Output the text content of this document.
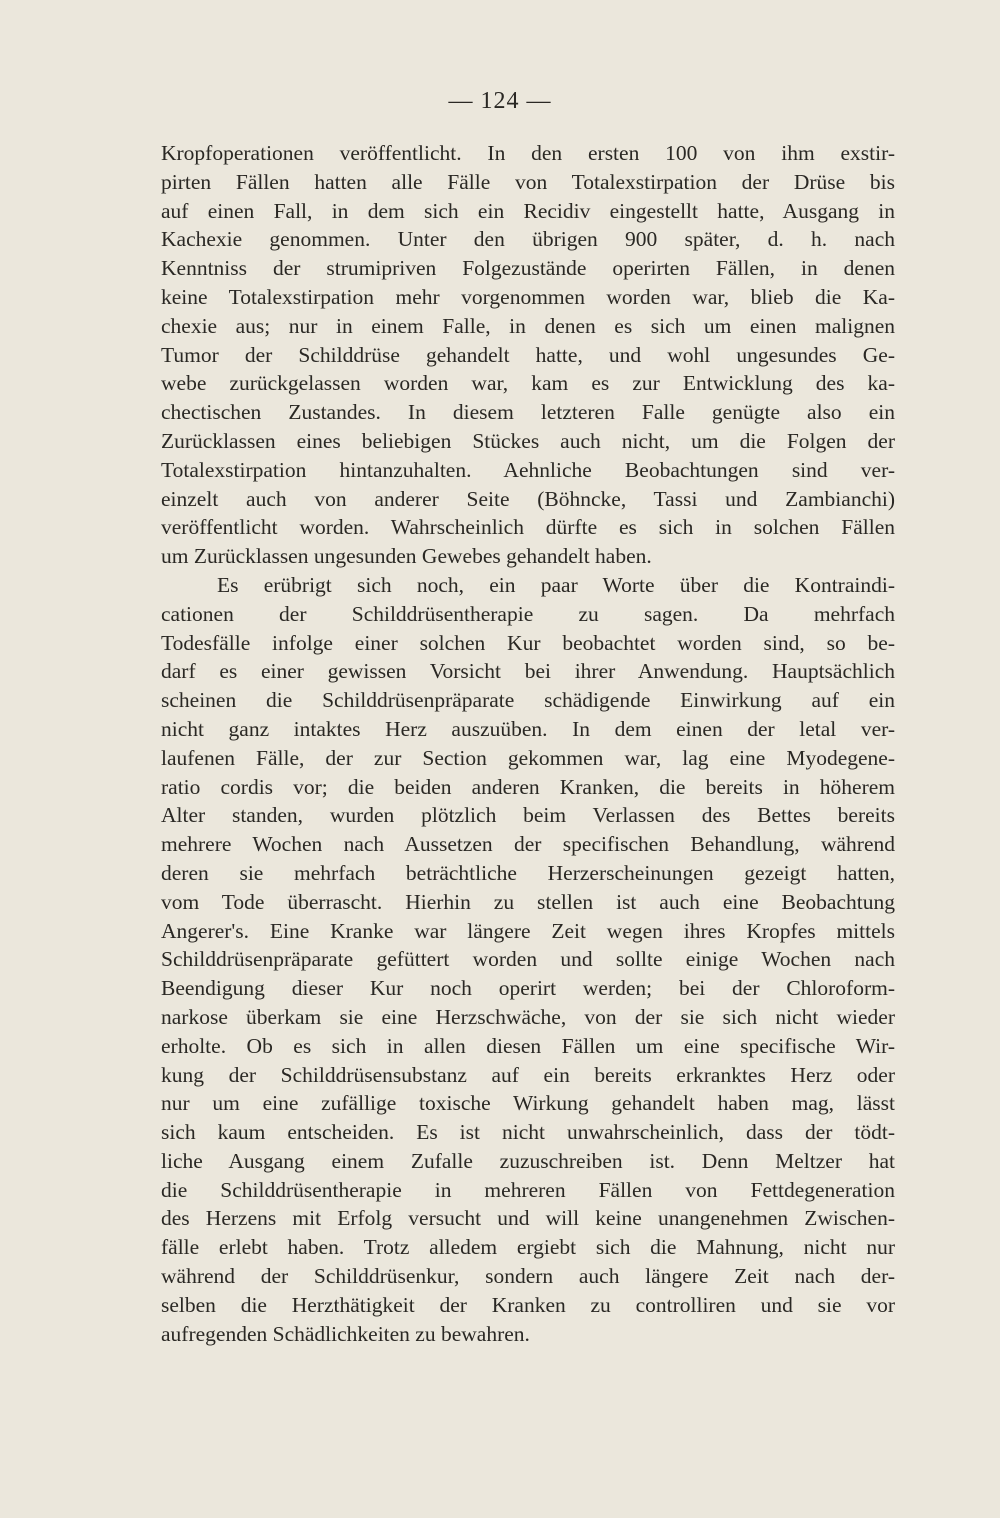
— 124 —
Kropfoperationen veröffentlicht. In den ersten 100 von ihm exstir-
pirten Fällen hatten alle Fälle von Totalexstirpation der Drüse bis
auf einen Fall, in dem sich ein Recidiv eingestellt hatte, Ausgang in
Kachexie genommen. Unter den übrigen 900 später, d. h. nach
Kenntniss der strumipriven Folgezustände operirten Fällen, in denen
keine Totalexstirpation mehr vorgenommen worden war, blieb die Ka-
chexie aus; nur in einem Falle, in denen es sich um einen malignen
Tumor der Schilddrüse gehandelt hatte, und wohl ungesundes Ge-
webe zurückgelassen worden war, kam es zur Entwicklung des ka-
chectischen Zustandes. In diesem letzteren Falle genügte also ein
Zurücklassen eines beliebigen Stückes auch nicht, um die Folgen der
Totalexstirpation hintanzuhalten. Aehnliche Beobachtungen sind ver-
einzelt auch von anderer Seite (Böhncke, Tassi und Zambianchi)
veröffentlicht worden. Wahrscheinlich dürfte es sich in solchen Fällen
um Zurücklassen ungesunden Gewebes gehandelt haben.
Es erübrigt sich noch, ein paar Worte über die Kontraindi-
cationen der Schilddrüsentherapie zu sagen. Da mehrfach
Todesfälle infolge einer solchen Kur beobachtet worden sind, so be-
darf es einer gewissen Vorsicht bei ihrer Anwendung. Hauptsächlich
scheinen die Schilddrüsenpräparate schädigende Einwirkung auf ein
nicht ganz intaktes Herz auszuüben. In dem einen der letal ver-
laufenen Fälle, der zur Section gekommen war, lag eine Myodegene-
ratio cordis vor; die beiden anderen Kranken, die bereits in höherem
Alter standen, wurden plötzlich beim Verlassen des Bettes bereits
mehrere Wochen nach Aussetzen der specifischen Behandlung, während
deren sie mehrfach beträchtliche Herzerscheinungen gezeigt hatten,
vom Tode überrascht. Hierhin zu stellen ist auch eine Beobachtung
Angerer's. Eine Kranke war längere Zeit wegen ihres Kropfes mittels
Schilddrüsenpräparate gefüttert worden und sollte einige Wochen nach
Beendigung dieser Kur noch operirt werden; bei der Chloroform-
narkose überkam sie eine Herzschwäche, von der sie sich nicht wieder
erholte. Ob es sich in allen diesen Fällen um eine specifische Wir-
kung der Schilddrüsensubstanz auf ein bereits erkranktes Herz oder
nur um eine zufällige toxische Wirkung gehandelt haben mag, lässt
sich kaum entscheiden. Es ist nicht unwahrscheinlich, dass der tödt-
liche Ausgang einem Zufalle zuzuschreiben ist. Denn Meltzer hat
die Schilddrüsentherapie in mehreren Fällen von Fettdegeneration
des Herzens mit Erfolg versucht und will keine unangenehmen Zwischen-
fälle erlebt haben. Trotz alledem ergiebt sich die Mahnung, nicht nur
während der Schilddrüsenkur, sondern auch längere Zeit nach der-
selben die Herzthätigkeit der Kranken zu controlliren und sie vor
aufregenden Schädlichkeiten zu bewahren.
